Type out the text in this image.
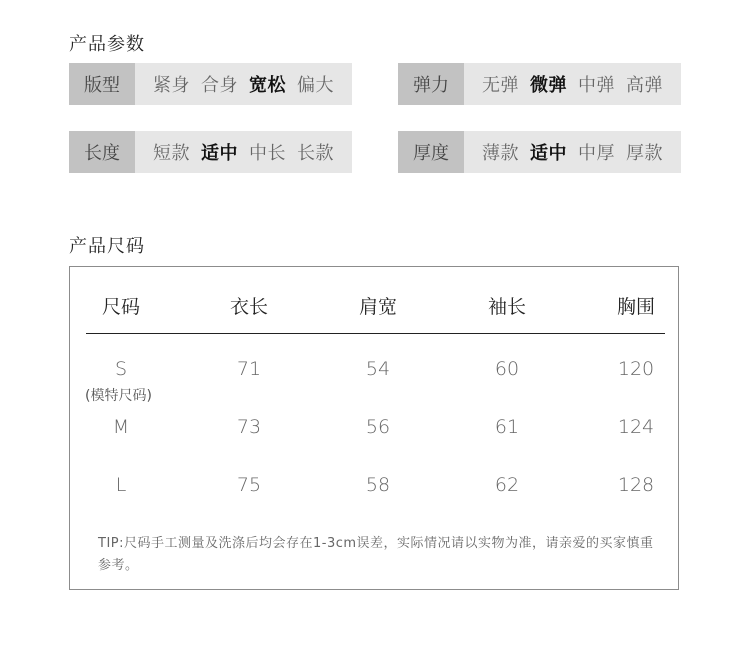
产品参数
版型	紧身 合身 宽松 偏大	弹力	无弹 微弹 中弹 高弹
长度	短款 适中 中长 长款	厚度	薄款 适中 中厚 厚款
产品尺码
尺码	衣长	肩宽	袖长	胸围
S	71	54	60	120
(模特尺码)
M	73	56	61	124
L	75	58	62	128
TIP:尺码手工测量及洗涤后均会存在1-3cm误差，实际情况请以实物为准，请亲爱的买家慎重参考。
